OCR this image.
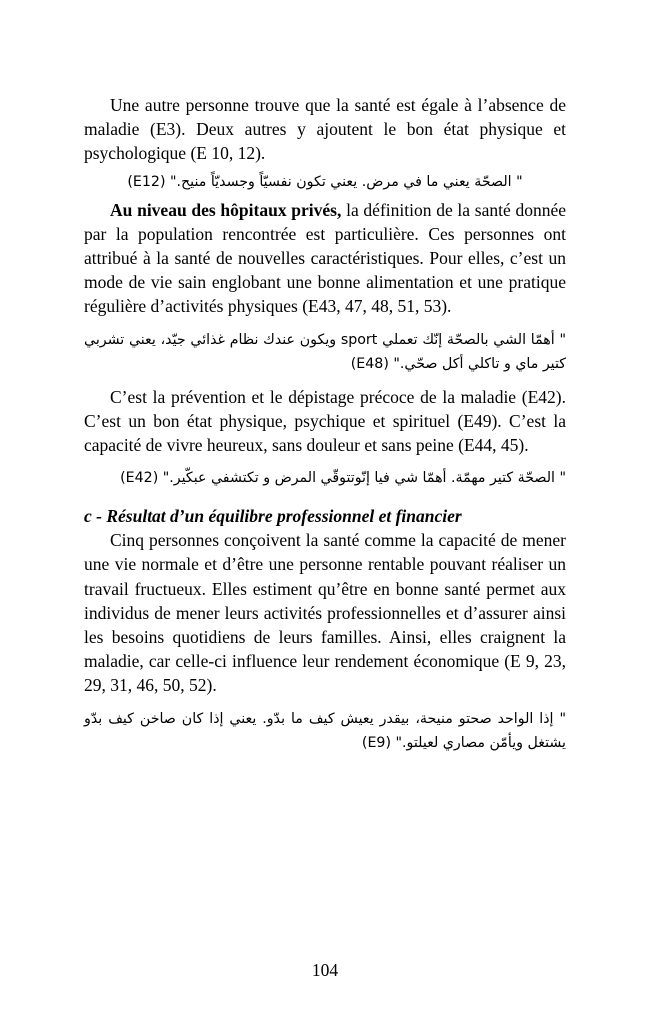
Une autre personne trouve que la santé est égale à l’absence de maladie (E3). Deux autres y ajoutent le bon état physique et psychologique (E 10, 12).

" الصحّة يعني ما في مرض. يعني تكون نفسيّاً وجسديّاً منيح." (E12)

Au niveau des hôpitaux privés, la définition de la santé donnée par la population rencontrée est particulière. Ces personnes ont attribué à la santé de nouvelles caractéristiques. Pour elles, c’est un mode de vie sain englobant une bonne alimentation et une pratique régulière d’activités physiques (E43, 47, 48, 51, 53).

" أهمّا الشي بالصحّة إنّك تعملي sport ويكون عندك نظام غذائي جيّد، يعني تشربي كتير ماي و تاكلي أكل صحّي." (E48)

C’est la prévention et le dépistage précoce de la maladie (E42). C’est un bon état physique, psychique et spirituel (E49). C’est la capacité de vivre heureux, sans douleur et sans peine (E44, 45).

" الصحّة كتير مهمّة. أهمّا شي فيا إنّوتتوقّي المرض و تكتشفي عبكّير." (E42)

c - Résultat d’un équilibre professionnel et financier

Cinq personnes conçoivent la santé comme la capacité de mener une vie normale et d’être une personne rentable pouvant réaliser un travail fructueux. Elles estiment qu’être en bonne santé permet aux individus de mener leurs activités professionnelles et d’assurer ainsi les besoins quotidiens de leurs familles. Ainsi, elles craignent la maladie, car celle-ci influence leur rendement économique (E 9, 23, 29, 31, 46, 50, 52).

" إذا الواحد صحتو منيحة، بيقدر يعيش كيف ما بدّو. يعني إذا كان صاخن كيف بدّو يشتغل ويأمّن مصاري لعيلتو." (E9)

104
